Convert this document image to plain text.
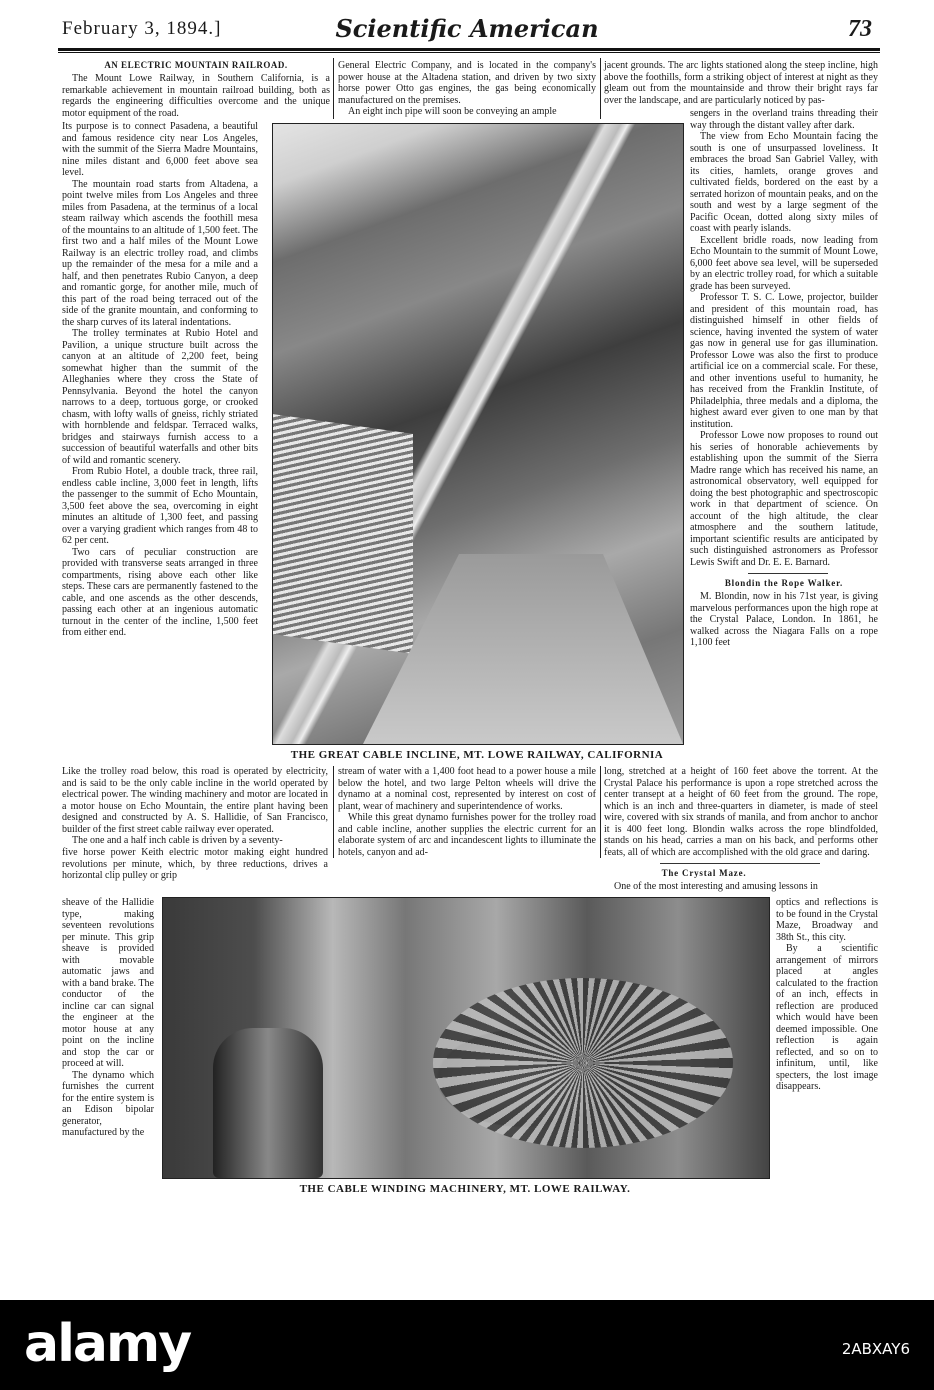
February 3, 1894.]	Scientific American	73
AN ELECTRIC MOUNTAIN RAILROAD.

The Mount Lowe Railway, in Southern California, is a remarkable achievement in mountain railroad building, both as regards the engineering difficulties overcome and the unique motor equipment of the road.

Its purpose is to connect Pasadena, a beautiful and famous residence city near Los Angeles, with the summit of the Sierra Madre Mountains, nine miles distant and 6,000 feet above sea level.

The mountain road starts from Altadena, a point twelve miles from Los Angeles and three miles from Pasadena, at the terminus of a local steam railway which ascends the foothill mesa of the mountains to an altitude of 1,500 feet. The first two and a half miles of the Mount Lowe Railway is an electric trolley road, and climbs up the remainder of the mesa for a mile and a half, and then penetrates Rubio Canyon, a deep and romantic gorge, for another mile, much of this part of the road being terraced out of the side of the granite mountain, and conforming to the sharp curves of its lateral indentations.

The trolley terminates at Rubio Hotel and Pavilion, a unique structure built across the canyon at an altitude of 2,200 feet, being somewhat higher than the summit of the Alleghanies where they cross the State of Pennsylvania. Beyond the hotel the canyon narrows to a deep, tortuous gorge, or crooked chasm, with lofty walls of gneiss, richly striated with hornblende and feldspar. Terraced walks, bridges and stairways furnish access to a succession of beautiful waterfalls and other bits of wild and romantic scenery.

From Rubio Hotel, a double track, three rail, endless cable incline, 3,000 feet in length, lifts the passenger to the summit of Echo Mountain, 3,500 feet above the sea, overcoming in eight minutes an altitude of 1,300 feet, and passing over a varying gradient which ranges from 48 to 62 per cent.

Two cars of peculiar construction are provided with transverse seats arranged in three compartments, rising above each other like steps. These cars are permanently fastened to the cable, and one ascends as the other descends, passing each other at an ingenious automatic turnout in the center of the incline, 1,500 feet from either end.

Like the trolley road below, this road is operated by electricity, and is said to be the only cable incline in the world operated by electrical power. The winding machinery and motor are located in a motor house on Echo Mountain, the entire plant having been designed and constructed by A. S. Hallidie, of San Francisco, builder of the first street cable railway ever operated.

The one and a half inch cable is driven by a seventy-

five horse power Keith electric motor making eight hundred revolutions per minute, which, by three reductions, drives a horizontal clip pulley or grip

sheave of the Hallidie type, making seventeen revolutions per minute. This grip sheave is provided with movable automatic jaws and with a band brake. The conductor of the incline car can signal the engineer at the motor house at any point on the incline and stop the car or proceed at will.

The dynamo which furnishes the current for the entire system is an Edison bipolar generator, manufactured by the

General Electric Company, and is located in the company's power house at the Altadena station, and driven by two sixty horse power Otto gas engines, the gas being economically manufactured on the premises.

An eight inch pipe will soon be conveying an ample

stream of water with a 1,400 foot head to a power house a mile below the hotel, and two large Pelton wheels will drive the dynamo at a nominal cost, represented by interest on cost of plant, wear of machinery and superintendence of works.

While this great dynamo furnishes power for the trolley road and cable incline, another supplies the electric current for an elaborate system of arc and incandescent lights to illuminate the hotels, canyon and ad-

jacent grounds. The arc lights stationed along the steep incline, high above the foothills, form a striking object of interest at night as they gleam out from the mountainside and throw their bright rays far over the landscape, and are particularly noticed by pas-

sengers in the overland trains threading their way through the distant valley after dark.

The view from Echo Mountain facing the south is one of unsurpassed loveliness. It embraces the broad San Gabriel Valley, with its cities, hamlets, orange groves and cultivated fields, bordered on the east by a serrated horizon of mountain peaks, and on the south and west by a large segment of the Pacific Ocean, dotted along sixty miles of coast with pearly islands.

Excellent bridle roads, now leading from Echo Mountain to the summit of Mount Lowe, 6,000 feet above sea level, will be superseded by an electric trolley road, for which a suitable grade has been surveyed.

Professor T. S. C. Lowe, projector, builder and president of this mountain road, has distinguished himself in other fields of science, having invented the system of water gas now in general use for gas illumination. Professor Lowe was also the first to produce artificial ice on a commercial scale. For these, and other inventions useful to humanity, he has received from the Franklin Institute, of Philadelphia, three medals and a diploma, the highest award ever given to one man by that institution.

Professor Lowe now proposes to round out his series of honorable achievements by establishing upon the summit of the Sierra Madre range which has received his name, an astronomical observatory, well equipped for doing the best photographic and spectroscopic work in that department of science. On account of the high altitude, the clear atmosphere and the southern latitude, important scientific results are anticipated by such distinguished astronomers as Professor Lewis Swift and Dr. E. E. Barnard.

Blondin the Rope Walker.

M. Blondin, now in his 71st year, is giving marvelous performances upon the high rope at the Crystal Palace, London. In 1861, he walked across the Niagara Falls on a rope 1,100 feet

long, stretched at a height of 160 feet above the torrent. At the Crystal Palace his performance is upon a rope stretched across the center transept at a height of 60 feet from the ground. The rope, which is an inch and three-quarters in diameter, is made of steel wire, covered with six strands of manila, and from anchor to anchor it is 400 feet long. Blondin walks across the rope blindfolded, stands on his head, carries a man on his back, and performs other feats, all of which are accomplished with the old grace and daring.

The Crystal Maze.

One of the most interesting and amusing lessons in

optics and reflections is to be found in the Crystal Maze, Broadway and 38th St., this city.

By a scientific arrangement of mirrors placed at angles calculated to the fraction of an inch, effects in reflection are produced which would have been deemed impossible. One reflection is again reflected, and so on to infinitum, until, like specters, the lost image disappears.

THE GREAT CABLE INCLINE, MT. LOWE RAILWAY, CALIFORNIA
THE CABLE WINDING MACHINERY, MT. LOWE RAILWAY.
alamy	2ABXAY6
